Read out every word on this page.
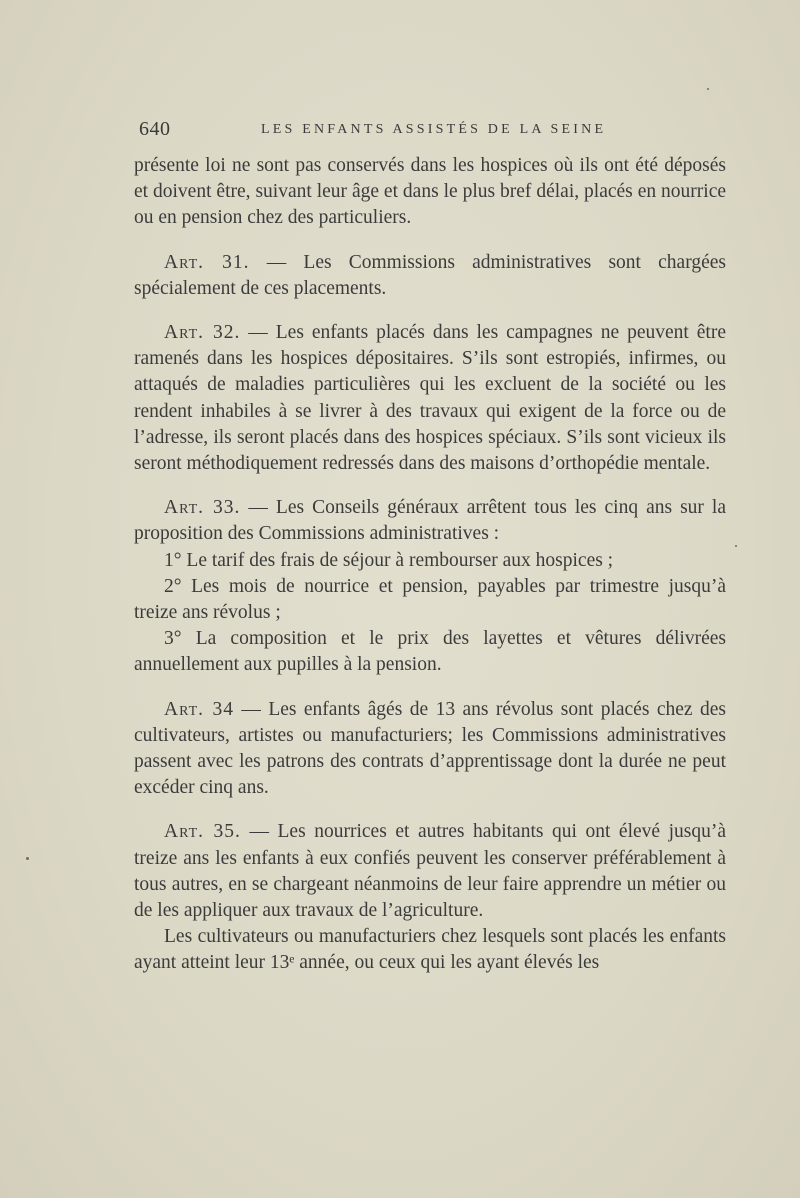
640	LES ENFANTS ASSISTÉS DE LA SEINE

présente loi ne sont pas conservés dans les hospices où ils ont été déposés et doivent être, suivant leur âge et dans le plus bref délai, placés en nourrice ou en pension chez des particuliers.

Art. 31. — Les Commissions administratives sont chargées spécialement de ces placements.

Art. 32. — Les enfants placés dans les campagnes ne peuvent être ramenés dans les hospices dépositaires. S’ils sont estropiés, infirmes, ou attaqués de maladies particulières qui les excluent de la société ou les rendent inhabiles à se livrer à des travaux qui exigent de la force ou de l’adresse, ils seront placés dans des hospices spéciaux. S’ils sont vicieux ils seront méthodiquement redressés dans des maisons d’orthopédie mentale.

Art. 33. — Les Conseils généraux arrêtent tous les cinq ans sur la proposition des Commissions administratives :

1° Le tarif des frais de séjour à rembourser aux hospices ;

2° Les mois de nourrice et pension, payables par trimestre jusqu’à treize ans révolus ;

3° La composition et le prix des layettes et vêtures délivrées annuellement aux pupilles à la pension.

Art. 34 — Les enfants âgés de 13 ans révolus sont placés chez des cultivateurs, artistes ou manufacturiers; les Commissions administratives passent avec les patrons des contrats d’apprentissage dont la durée ne peut excéder cinq ans.

Art. 35. — Les nourrices et autres habitants qui ont élevé jusqu’à treize ans les enfants à eux confiés peuvent les conserver préférablement à tous autres, en se chargeant néanmoins de leur faire apprendre un métier ou de les appliquer aux travaux de l’agriculture.

Les cultivateurs ou manufacturiers chez lesquels sont placés les enfants ayant atteint leur 13ᵉ année, ou ceux qui les ayant élevés les
